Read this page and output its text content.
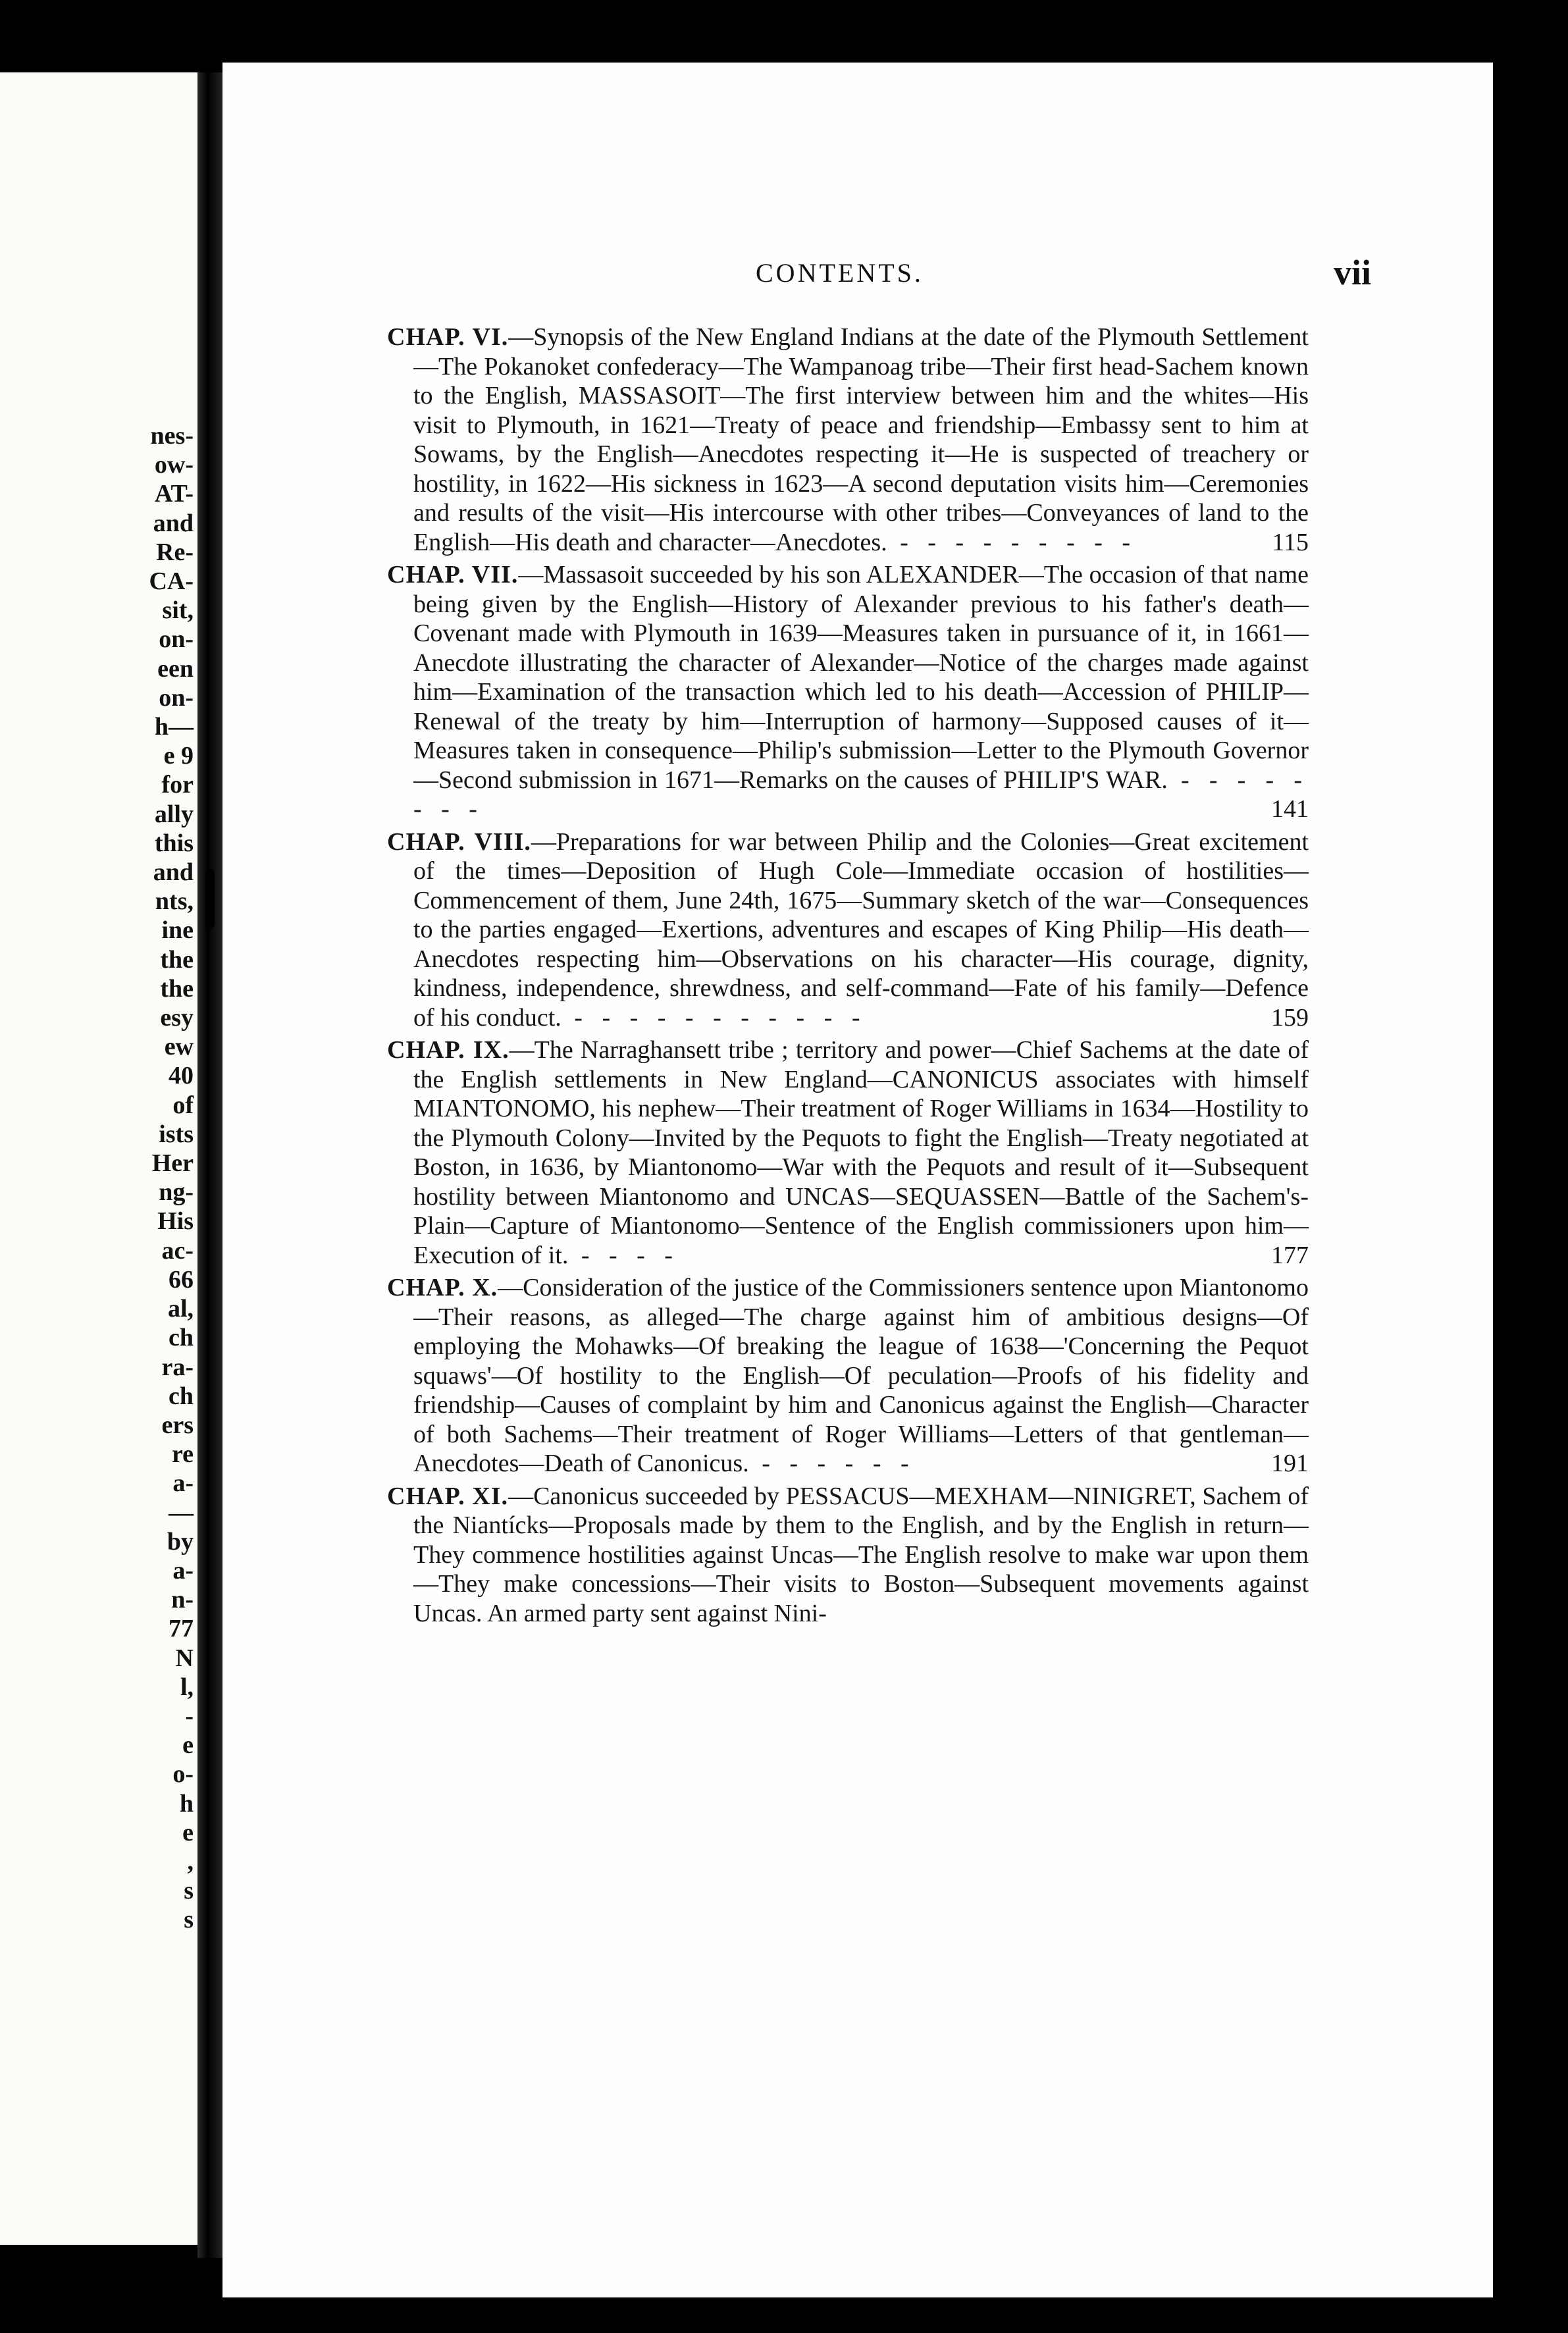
nes-
ow-
AT-
and
Re-
CA-
sit,
on-
een
on-
h—
e 9
for
ally
this
and
nts,
ine
the
the
esy
ew
40
of
ists
Her
ng-
His
ac-
66
al,
ch
ra-
ch
ers
re
a-
—
by
a-
n-
77
N
l,
-
e
o-
h
e
,
s
s
CONTENTS.	vii
CHAP. VI.—Synopsis of the New England Indians at the date of the Plymouth Settlement—The Pokanoket confederacy—The Wampanoag tribe—Their first head-Sachem known to the English, MASSASOIT—The first interview between him and the whites—His visit to Plymouth, in 1621—Treaty of peace and friendship—Embassy sent to him at Sowams, by the English—Anecdotes respecting it—He is suspected of treachery or hostility, in 1622—His sickness in 1623—A second deputation visits him—Ceremonies and results of the visit—His intercourse with other tribes—Conveyances of land to the English—His death and character—Anecdotes. - - - - - - - - -	115
CHAP. VII.—Massasoit succeeded by his son ALEXANDER—The occasion of that name being given by the English—History of Alexander previous to his father's death—Covenant made with Plymouth in 1639—Measures taken in pursuance of it, in 1661—Anecdote illustrating the character of Alexander—Notice of the charges made against him—Examination of the transaction which led to his death—Accession of PHILIP—Renewal of the treaty by him—Interruption of harmony—Supposed causes of it—Measures taken in consequence—Philip's submission—Letter to the Plymouth Governor—Second submission in 1671—Remarks on the causes of PHILIP'S WAR. - - - - - - - -	141
CHAP. VIII.—Preparations for war between Philip and the Colonies—Great excitement of the times—Deposition of Hugh Cole—Immediate occasion of hostilities—Commencement of them, June 24th, 1675—Summary sketch of the war—Consequences to the parties engaged—Exertions, adventures and escapes of King Philip—His death—Anecdotes respecting him—Observations on his character—His courage, dignity, kindness, independence, shrewdness, and self-command—Fate of his family—Defence of his conduct. - - - - - - - - - - -	159
CHAP. IX.—The Narraghansett tribe ; territory and power—Chief Sachems at the date of the English settlements in New England—CANONICUS associates with himself MIANTONOMO, his nephew—Their treatment of Roger Williams in 1634—Hostility to the Plymouth Colony—Invited by the Pequots to fight the English—Treaty negotiated at Boston, in 1636, by Miantonomo—War with the Pequots and result of it—Subsequent hostility between Miantonomo and UNCAS—SEQUASSEN—Battle of the Sachem's-Plain—Capture of Miantonomo—Sentence of the English commissioners upon him—Execution of it. - - - -	177
CHAP. X.—Consideration of the justice of the Commissioners sentence upon Miantonomo—Their reasons, as alleged—The charge against him of ambitious designs—Of employing the Mohawks—Of breaking the league of 1638—'Concerning the Pequot squaws'—Of hostility to the English—Of peculation—Proofs of his fidelity and friendship—Causes of complaint by him and Canonicus against the English—Character of both Sachems—Their treatment of Roger Williams—Letters of that gentleman—Anecdotes—Death of Canonicus. - - - - - -	191
CHAP. XI.—Canonicus succeeded by PESSACUS—MEXHAM—NINIGRET, Sachem of the Niantícks—Proposals made by them to the English, and by the English in return—They commence hostilities against Uncas—The English resolve to make war upon them—They make concessions—Their visits to Boston—Subsequent movements against Uncas. An armed party sent against Nini-
